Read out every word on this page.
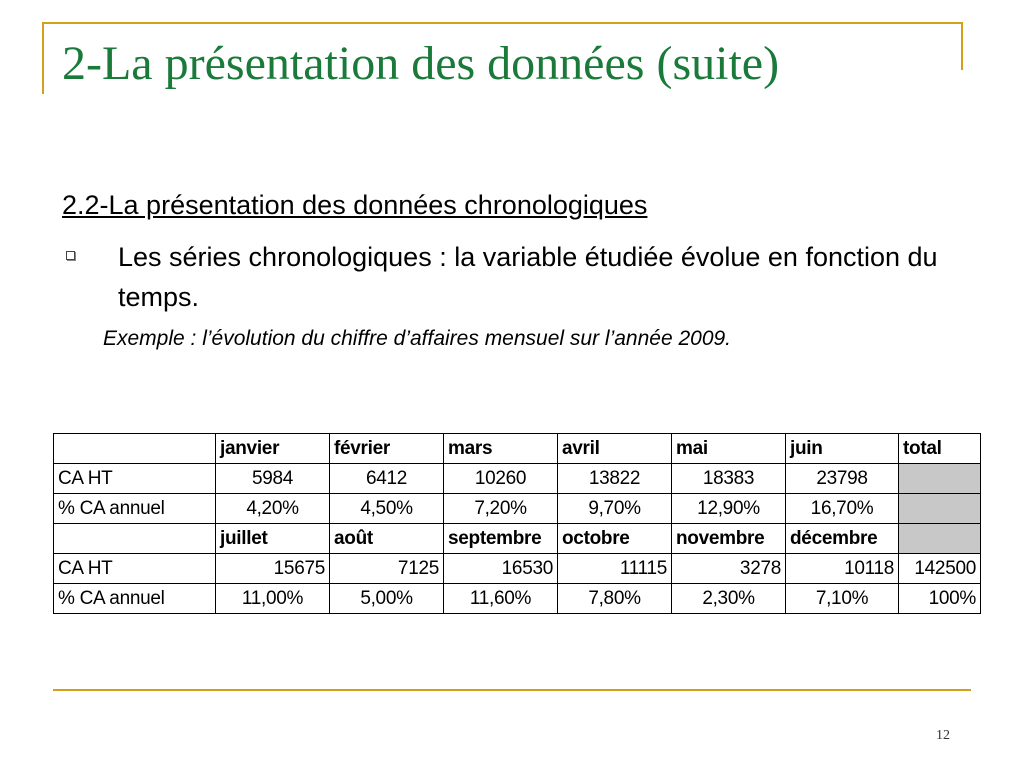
2-La présentation des données (suite)
2.2-La présentation des données chronologiques
Les séries chronologiques : la variable étudiée évolue en fonction du temps.
Exemple : l’évolution du chiffre d’affaires mensuel sur l’année 2009.
	janvier	février	mars	avril	mai	juin	total
CA HT	5984	6412	10260	13822	18383	23798	
% CA annuel	4,20%	4,50%	7,20%	9,70%	12,90%	16,70%	
	juillet	août	septembre	octobre	novembre	décembre	
CA HT	15675	7125	16530	11115	3278	10118	142500
% CA annuel	11,00%	5,00%	11,60%	7,80%	2,30%	7,10%	100%
12
